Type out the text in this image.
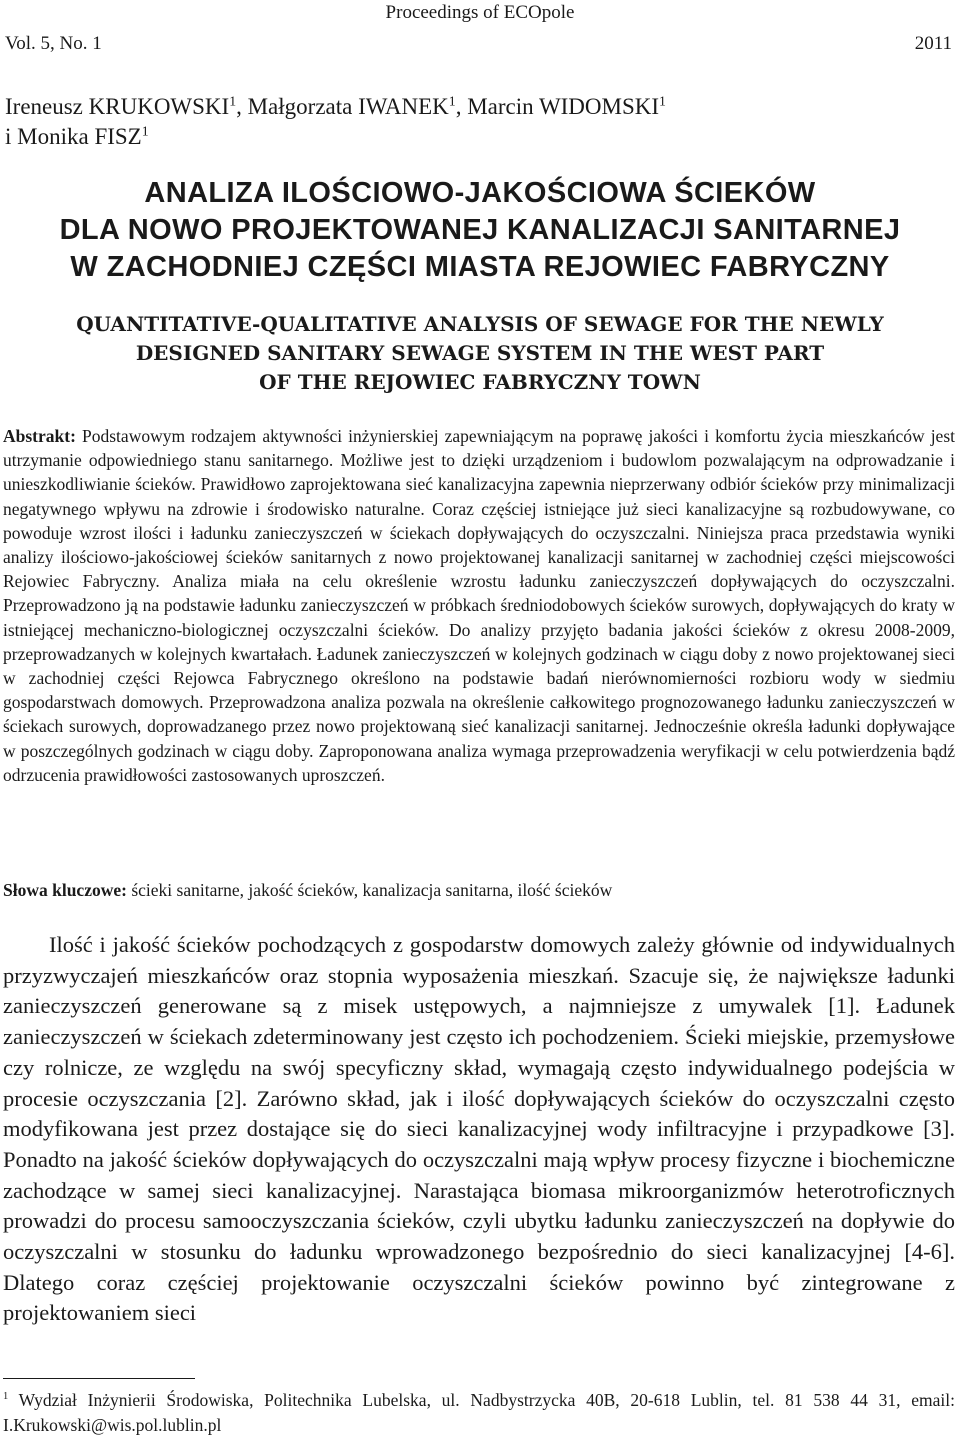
Proceedings of ECOpole
Vol. 5, No. 1	2011
Ireneusz KRUKOWSKI$^1$, Małgorzata IWANEK$^1$, Marcin WIDOMSKI$^1$
i Monika FISZ$^1$
ANALIZA ILOŚCIOWO-JAKOŚCIOWA ŚCIEKÓW
DLA NOWO PROJEKTOWANEJ KANALIZACJI SANITARNEJ
W ZACHODNIEJ CZĘŚCI MIASTA REJOWIEC FABRYCZNY
QUANTITATIVE-QUALITATIVE ANALYSIS OF SEWAGE FOR THE NEWLY
DESIGNED SANITARY SEWAGE SYSTEM IN THE WEST PART
OF THE REJOWIEC FABRYCZNY TOWN
Abstrakt: Podstawowym rodzajem aktywności inżynierskiej zapewniającym na poprawę jakości i komfortu życia mieszkańców jest utrzymanie odpowiedniego stanu sanitarnego. Możliwe jest to dzięki urządzeniom i budowlom pozwalającym na odprowadzanie i unieszkodliwianie ścieków. Prawidłowo zaprojektowana sieć kanalizacyjna zapewnia nieprzerwany odbiór ścieków przy minimalizacji negatywnego wpływu na zdrowie i środowisko naturalne. Coraz częściej istniejące już sieci kanalizacyjne są rozbudowywane, co powoduje wzrost ilości i ładunku zanieczyszczeń w ściekach dopływających do oczyszczalni. Niniejsza praca przedstawia wyniki analizy ilościowo-jakościowej ścieków sanitarnych z nowo projektowanej kanalizacji sanitarnej w zachodniej części miejscowości Rejowiec Fabryczny. Analiza miała na celu określenie wzrostu ładunku zanieczyszczeń dopływających do oczyszczalni. Przeprowadzono ją na podstawie ładunku zanieczyszczeń w próbkach średniodobowych ścieków surowych, dopływających do kraty w istniejącej mechaniczno-biologicznej oczyszczalni ścieków. Do analizy przyjęto badania jakości ścieków z okresu 2008-2009, przeprowadzanych w kolejnych kwartałach. Ładunek zanieczyszczeń w kolejnych godzinach w ciągu doby z nowo projektowanej sieci w zachodniej części Rejowca Fabrycznego określono na podstawie badań nierównomierności rozbioru wody w siedmiu gospodarstwach domowych. Przeprowadzona analiza pozwala na określenie całkowitego prognozowanego ładunku zanieczyszczeń w ściekach surowych, doprowadzanego przez nowo projektowaną sieć kanalizacji sanitarnej. Jednocześnie określa ładunki dopływające w poszczególnych godzinach w ciągu doby. Zaproponowana analiza wymaga przeprowadzenia weryfikacji w celu potwierdzenia bądź odrzucenia prawidłowości zastosowanych uproszczeń.
Słowa kluczowe: ścieki sanitarne, jakość ścieków, kanalizacja sanitarna, ilość ścieków
Ilość i jakość ścieków pochodzących z gospodarstw domowych zależy głównie od indywidualnych przyzwyczajeń mieszkańców oraz stopnia wyposażenia mieszkań. Szacuje się, że największe ładunki zanieczyszczeń generowane są z misek ustępowych, a najmniejsze z umywalek [1]. Ładunek zanieczyszczeń w ściekach zdeterminowany jest często ich pochodzeniem. Ścieki miejskie, przemysłowe czy rolnicze, ze względu na swój specyficzny skład, wymagają często indywidualnego podejścia w procesie oczyszczania [2]. Zarówno skład, jak i ilość dopływających ścieków do oczyszczalni często modyfikowana jest przez dostające się do sieci kanalizacyjnej wody infiltracyjne i przypadkowe [3]. Ponadto na jakość ścieków dopływających do oczyszczalni mają wpływ procesy fizyczne i biochemiczne zachodzące w samej sieci kanalizacyjnej. Narastająca biomasa mikroorganizmów heterotroficznych prowadzi do procesu samooczyszczania ścieków, czyli ubytku ładunku zanieczyszczeń na dopływie do oczyszczalni w stosunku do ładunku wprowadzonego bezpośrednio do sieci kanalizacyjnej [4-6]. Dlatego coraz częściej projektowanie oczyszczalni ścieków powinno być zintegrowane z projektowaniem sieci
$^1$ Wydział Inżynierii Środowiska, Politechnika Lubelska, ul. Nadbystrzycka 40B, 20-618 Lublin, tel. 81 538 44 31, email: I.Krukowski@wis.pol.lublin.pl
